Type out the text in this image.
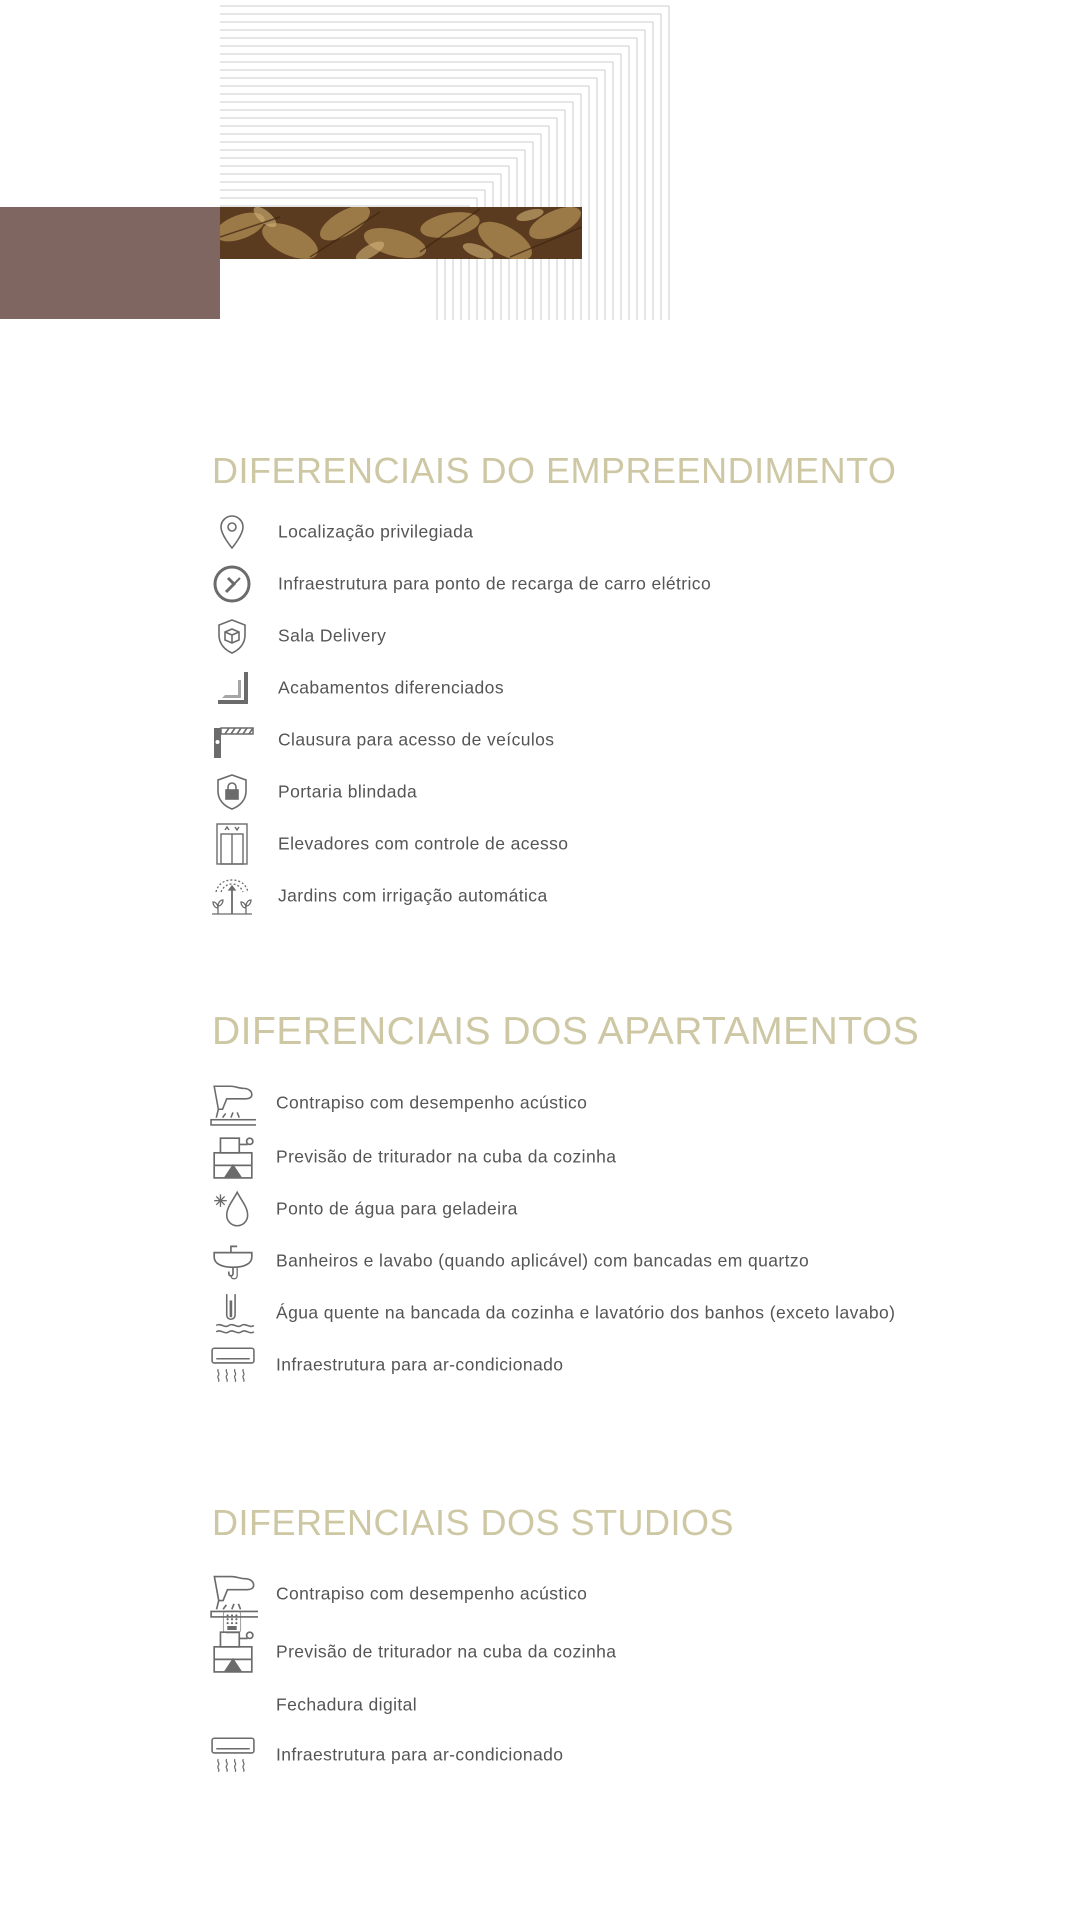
DIFERENCIAIS DO EMPREENDIMENTO
Localização privilegiada
Infraestrutura para ponto de recarga de carro elétrico
Sala Delivery
Acabamentos diferenciados
Clausura para acesso de veículos
Portaria blindada
Elevadores com controle de acesso
Jardins com irrigação automática
DIFERENCIAIS DOS APARTAMENTOS
Contrapiso com desempenho acústico
Previsão de triturador na cuba da cozinha
Ponto de água para geladeira
Banheiros e lavabo (quando aplicável) com bancadas em quartzo
Água quente na bancada da cozinha e lavatório dos banhos (exceto lavabo)
Infraestrutura para ar-condicionado
DIFERENCIAIS DOS STUDIOS
Contrapiso com desempenho acústico
Previsão de triturador na cuba da cozinha
Fechadura digital
Infraestrutura para ar-condicionado
